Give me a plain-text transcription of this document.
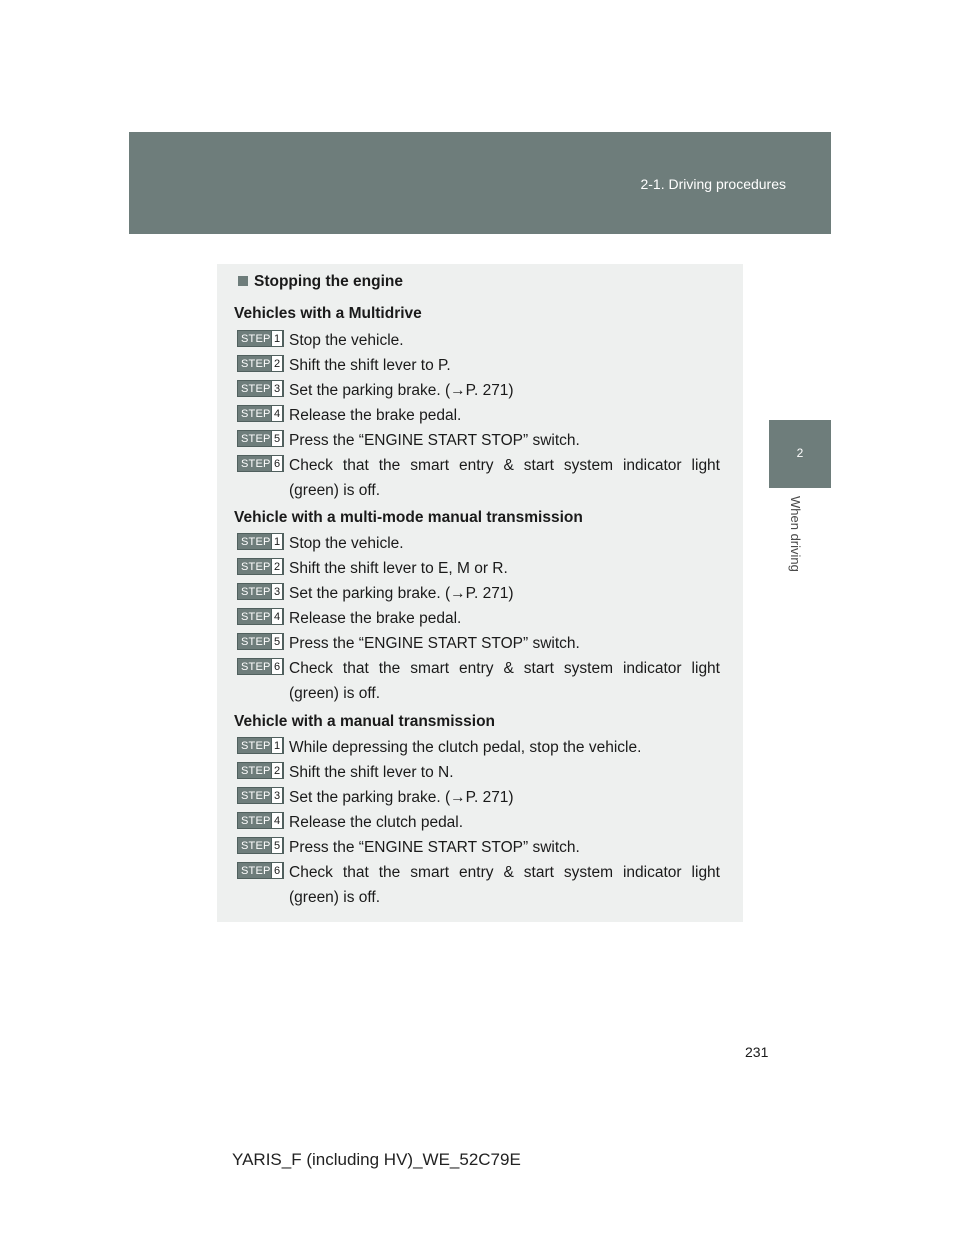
2-1. Driving procedures
2
When driving
Stopping the engine
Vehicles with a Multidrive
STEP 1 Stop the vehicle.
STEP 2 Shift the shift lever to P.
STEP 3 Set the parking brake. (→P. 271)
STEP 4 Release the brake pedal.
STEP 5 Press the “ENGINE START STOP” switch.
STEP 6 Check that the smart entry & start system indicator light (green) is off.
Vehicle with a multi-mode manual transmission
STEP 1 Stop the vehicle.
STEP 2 Shift the shift lever to E, M or R.
STEP 3 Set the parking brake. (→P. 271)
STEP 4 Release the brake pedal.
STEP 5 Press the “ENGINE START STOP” switch.
STEP 6 Check that the smart entry & start system indicator light (green) is off.
Vehicle with a manual transmission
STEP 1 While depressing the clutch pedal, stop the vehicle.
STEP 2 Shift the shift lever to N.
STEP 3 Set the parking brake. (→P. 271)
STEP 4 Release the clutch pedal.
STEP 5 Press the “ENGINE START STOP” switch.
STEP 6 Check that the smart entry & start system indicator light (green) is off.
231
YARIS_F (including HV)_WE_52C79E
